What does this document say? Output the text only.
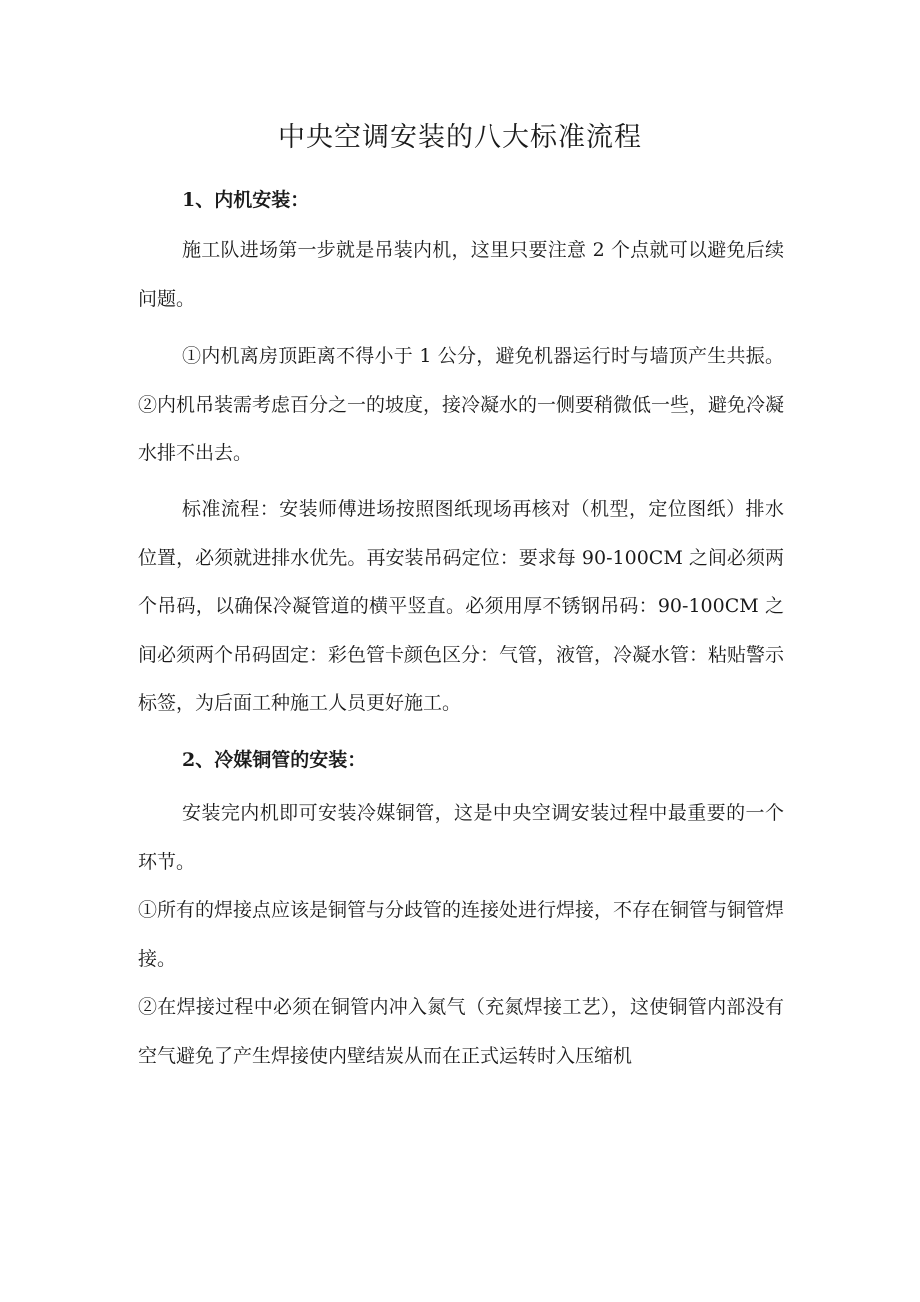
中央空调安装的八大标准流程
1、内机安装：

施工队进场第一步就是吊装内机，这里只要注意 2 个点就可以避免后续问题。

①内机离房顶距离不得小于 1 公分，避免机器运行时与墙顶产生共振。②内机吊装需考虑百分之一的坡度，接冷凝水的一侧要稍微低一些，避免冷凝水排不出去。

标准流程：安装师傅进场按照图纸现场再核对（机型，定位图纸）排水位置，必须就进排水优先。再安装吊码定位：要求每 90-100CM 之间必须两个吊码，以确保冷凝管道的横平竖直。必须用厚不锈钢吊码：90-100CM 之间必须两个吊码固定：彩色管卡颜色区分：气管，液管，冷凝水管：粘贴警示标签，为后面工种施工人员更好施工。

2、冷媒铜管的安装：

安装完内机即可安装冷媒铜管，这是中央空调安装过程中最重要的一个环节。

①所有的焊接点应该是铜管与分歧管的连接处进行焊接，不存在铜管与铜管焊接。

②在焊接过程中必须在铜管内冲入氮气（充氮焊接工艺），这使铜管内部没有空气避免了产生焊接使内壁结炭从而在正式运转时入压缩机
